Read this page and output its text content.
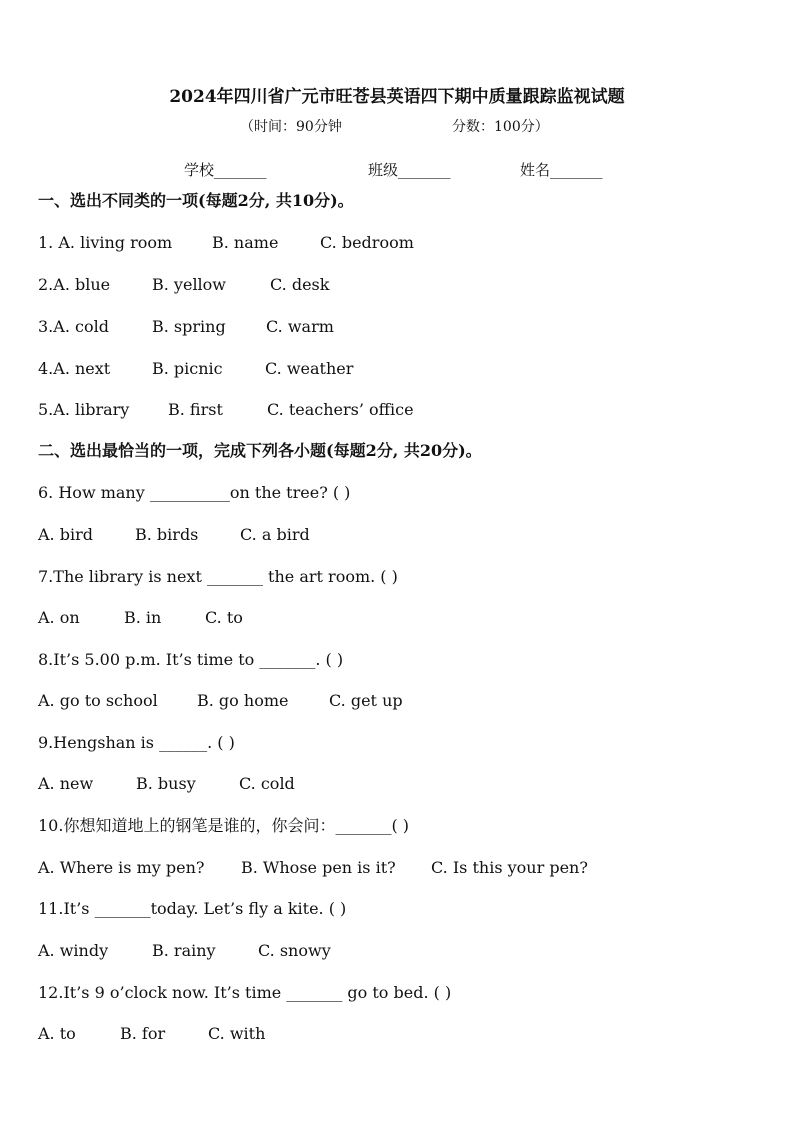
2024年四川省广元市旺苍县英语四下期中质量跟踪监视试题
（时间：90分钟	分数：100分）
学校_______	班级_______	姓名_______
一、选出不同类的一项(每题2分, 共10分)。
1. A. living room B. name	C. bedroom
2.A. blue	B. yellow	C. desk
3.A. cold	B. spring	C. warm
4.A. next	B. picnic	C. weather
5.A. library B. first	C. teachers’ office
二、选出最恰当的一项，完成下列各小题(每题2分, 共20分)。
6. How many __________on the tree? ( )
A. bird	B. birds	C. a bird
7.The library is next _______ the art room. ( )
A. on	B. in	C. to
8.It’s 5.00 p.m. It’s time to _______. ( )
A. go to school B. go home	C. get up
9.Hengshan is ______. ( )
A. new	B. busy	C. cold
10.你想知道地上的钢笔是谁的，你会问：_______( )
A. Where is my pen? B. Whose pen is it? C. Is this your pen?
11.It’s _______today. Let’s fly a kite. ( )
A. windy	B. rainy	C. snowy
12.It’s 9 o’clock now. It’s time _______ go to bed. ( )
A. to	B. for	C. with
